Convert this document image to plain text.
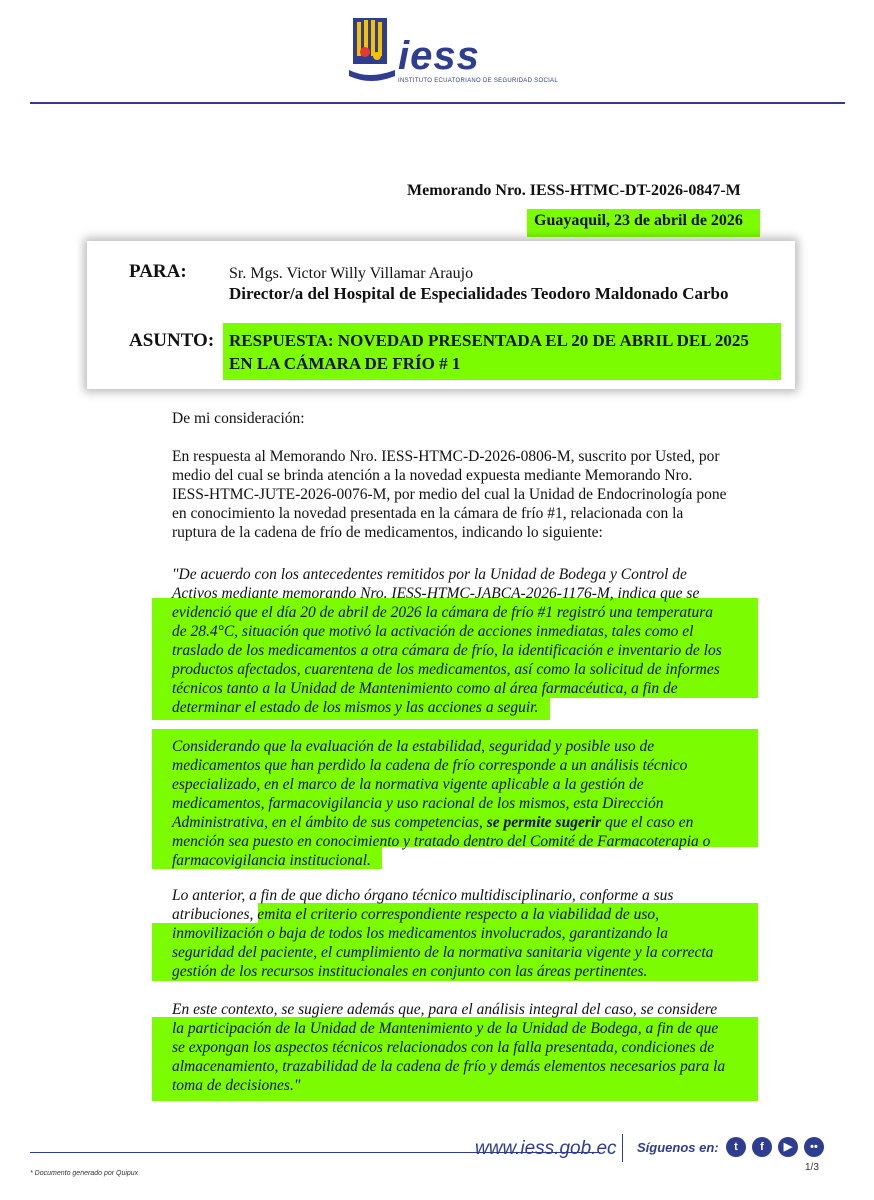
iess
INSTITUTO ECUATORIANO DE SEGURIDAD SOCIAL
Memorando Nro. IESS-HTMC-DT-2026-0847-M
Guayaquil, 23 de abril de 2026
PARA:	Sr. Mgs. Victor Willy Villamar Araujo
Director/a del Hospital de Especialidades Teodoro Maldonado Carbo
ASUNTO: RESPUESTA: NOVEDAD PRESENTADA EL 20 DE ABRIL DEL 2025
EN LA CÁMARA DE FRÍO # 1
De mi consideración:

En respuesta al Memorando Nro. IESS-HTMC-D-2026-0806-M, suscrito por Usted, por

medio del cual se brinda atención a la novedad expuesta mediante Memorando Nro.

IESS-HTMC-JUTE-2026-0076-M, por medio del cual la Unidad de Endocrinología pone

en conocimiento la novedad presentada en la cámara de frío #1, relacionada con la

ruptura de la cadena de frío de medicamentos, indicando lo siguiente:

"De acuerdo con los antecedentes remitidos por la Unidad de Bodega y Control de

Activos mediante memorando Nro. IESS-HTMC-JABCA-2026-1176-M, indica que se

evidenció que el día 20 de abril de 2026 la cámara de frío #1 registró una temperatura

de 28.4°C, situación que motivó la activación de acciones inmediatas, tales como el

traslado de los medicamentos a otra cámara de frío, la identificación e inventario de los

productos afectados, cuarentena de los medicamentos, así como la solicitud de informes

técnicos tanto a la Unidad de Mantenimiento como al área farmacéutica, a fin de

determinar el estado de los mismos y las acciones a seguir.

Considerando que la evaluación de la estabilidad, seguridad y posible uso de

medicamentos que han perdido la cadena de frío corresponde a un análisis técnico

especializado, en el marco de la normativa vigente aplicable a la gestión de

medicamentos, farmacovigilancia y uso racional de los mismos, esta Dirección

Administrativa, en el ámbito de sus competencias, se permite sugerir que el caso en

mención sea puesto en conocimiento y tratado dentro del Comité de Farmacoterapia o

farmacovigilancia institucional.

Lo anterior, a fin de que dicho órgano técnico multidisciplinario, conforme a sus

atribuciones, emita el criterio correspondiente respecto a la viabilidad de uso,

inmovilización o baja de todos los medicamentos involucrados, garantizando la

seguridad del paciente, el cumplimiento de la normativa sanitaria vigente y la correcta

gestión de los recursos institucionales en conjunto con las áreas pertinentes.

En este contexto, se sugiere además que, para el análisis integral del caso, se considere

la participación de la Unidad de Mantenimiento y de la Unidad de Bodega, a fin de que

se expongan los aspectos técnicos relacionados con la falla presentada, condiciones de

almacenamiento, trazabilidad de la cadena de frío y demás elementos necesarios para la

toma de decisiones."

www.iess.gob.ec Síguenos en:	t	f	▶	••
1/3
* Documento generado por Quipux
